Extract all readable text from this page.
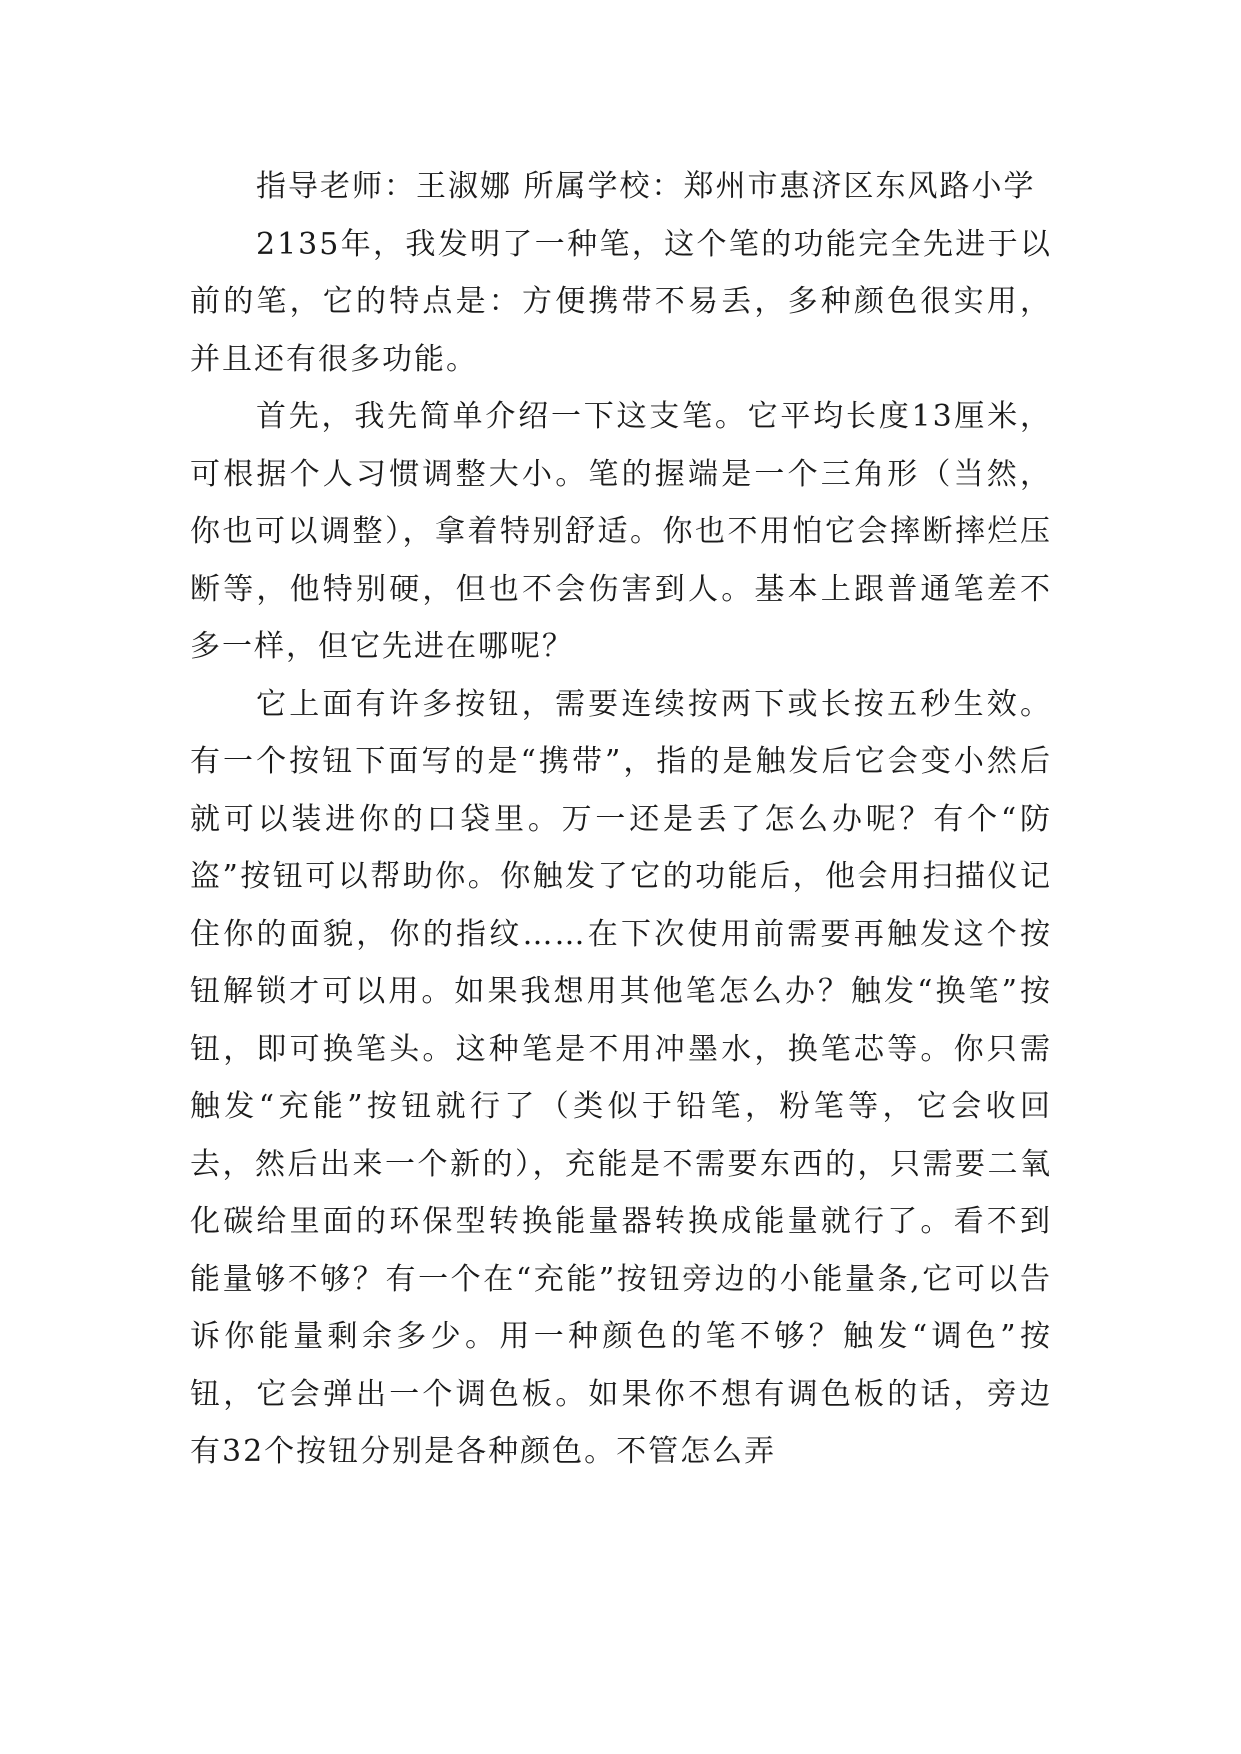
指导老师：王淑娜 所属学校：郑州市惠济区东风路小学

2135年，我发明了一种笔，这个笔的功能完全先进于以前的笔，它的特点是：方便携带不易丢，多种颜色很实用，并且还有很多功能。

首先，我先简单介绍一下这支笔。它平均长度13厘米，可根据个人习惯调整大小。笔的握端是一个三角形（当然，你也可以调整），拿着特别舒适。你也不用怕它会摔断摔烂压断等，他特别硬，但也不会伤害到人。基本上跟普通笔差不多一样，但它先进在哪呢？

它上面有许多按钮，需要连续按两下或长按五秒生效。有一个按钮下面写的是“携带”，指的是触发后它会变小然后就可以装进你的口袋里。万一还是丢了怎么办呢？有个“防盗”按钮可以帮助你。你触发了它的功能后，他会用扫描仪记住你的面貌，你的指纹……在下次使用前需要再触发这个按钮解锁才可以用。如果我想用其他笔怎么办？触发“换笔”按钮，即可换笔头。这种笔是不用冲墨水，换笔芯等。你只需触发“充能”按钮就行了（类似于铅笔，粉笔等，它会收回去，然后出来一个新的），充能是不需要东西的，只需要二氧化碳给里面的环保型转换能量器转换成能量就行了。看不到能量够不够？有一个在“充能”按钮旁边的小能量条,它可以告诉你能量剩余多少。用一种颜色的笔不够？触发“调色”按钮，它会弹出一个调色板。如果你不想有调色板的话，旁边有32个按钮分别是各种颜色。不管怎么弄
